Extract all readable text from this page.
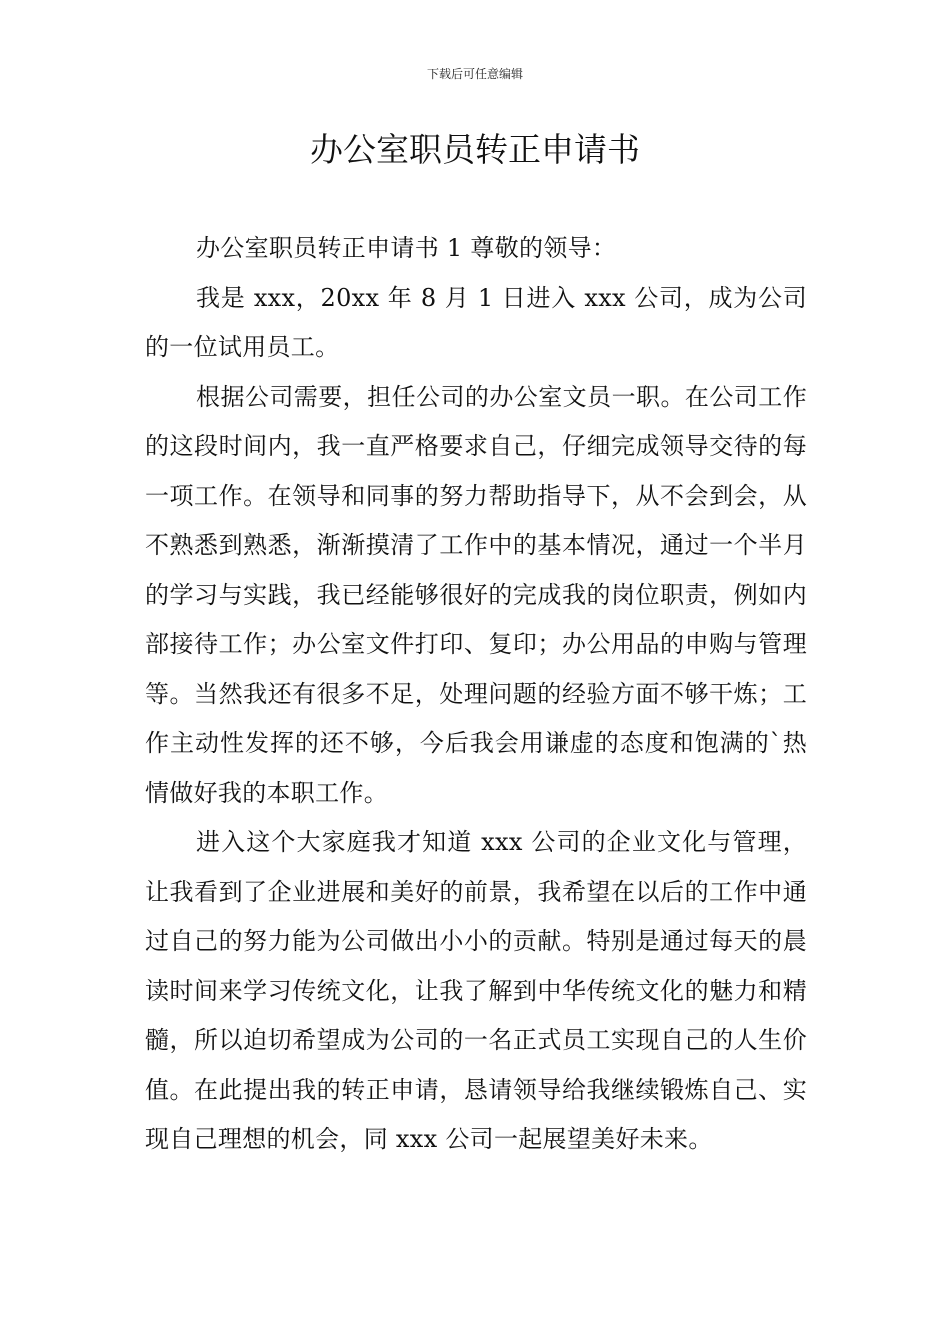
下载后可任意编辑
办公室职员转正申请书

办公室职员转正申请书 1 尊敬的领导：

我是 xxx，20xx 年 8 月 1 日进入 xxx 公司，成为公司的一位试用员工。

根据公司需要，担任公司的办公室文员一职。在公司工作的这段时间内，我一直严格要求自己，仔细完成领导交待的每一项工作。在领导和同事的努力帮助指导下，从不会到会，从不熟悉到熟悉，渐渐摸清了工作中的基本情况，通过一个半月的学习与实践，我已经能够很好的完成我的岗位职责，例如内部接待工作；办公室文件打印、复印；办公用品的申购与管理等。当然我还有很多不足，处理问题的经验方面不够干炼；工作主动性发挥的还不够，今后我会用谦虚的态度和饱满的`热情做好我的本职工作。

进入这个大家庭我才知道 xxx 公司的企业文化与管理，让我看到了企业进展和美好的前景，我希望在以后的工作中通过自己的努力能为公司做出小小的贡献。特别是通过每天的晨读时间来学习传统文化，让我了解到中华传统文化的魅力和精髓，所以迫切希望成为公司的一名正式员工实现自己的人生价值。在此提出我的转正申请，恳请领导给我继续锻炼自己、实现自己理想的机会，同 xxx 公司一起展望美好未来。
